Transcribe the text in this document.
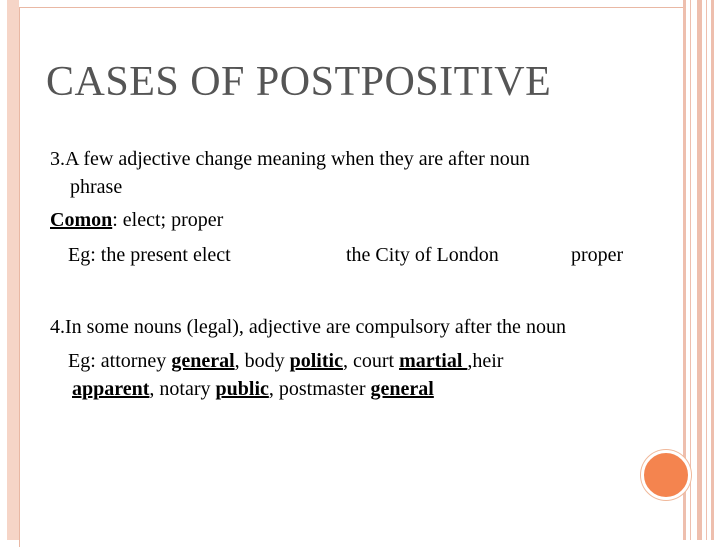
CASES OF POSTPOSITIVE
3.A few adjective change meaning when they are after noun
phrase
Comon: elect; proper
Eg: the present elect	the City of London	proper
4.In some nouns (legal), adjective are compulsory after the noun
Eg: attorney general, body politic, court martial ,heir
apparent, notary public, postmaster general
